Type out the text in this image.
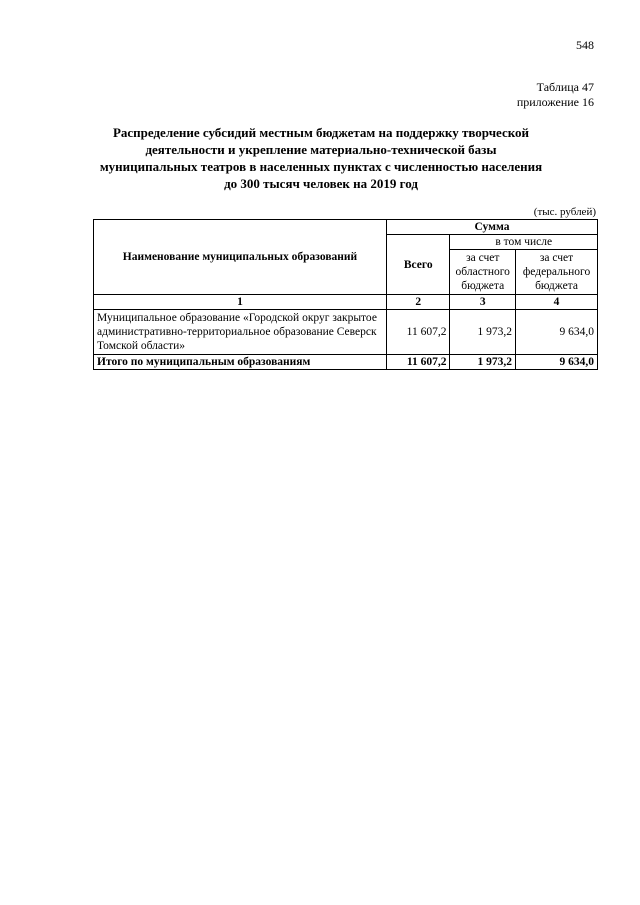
548
Таблица 47
приложение 16
Распределение субсидий местным бюджетам на поддержку творческой деятельности и укрепление материально-технической базы муниципальных театров в населенных пунктах с численностью населения до 300 тысяч человек на 2019 год
(тыс. рублей)
Наименование муниципальных образований	Сумма		
	Всего	в том числе	
		за счет областного бюджета	за счет федерального бюджета
1	2	3	4
Муниципальное образование «Городской округ закрытое административно-территориальное образование Северск Томской области»	11 607,2	1 973,2	9 634,0
Итого по муниципальным образованиям	11 607,2	1 973,2	9 634,0
